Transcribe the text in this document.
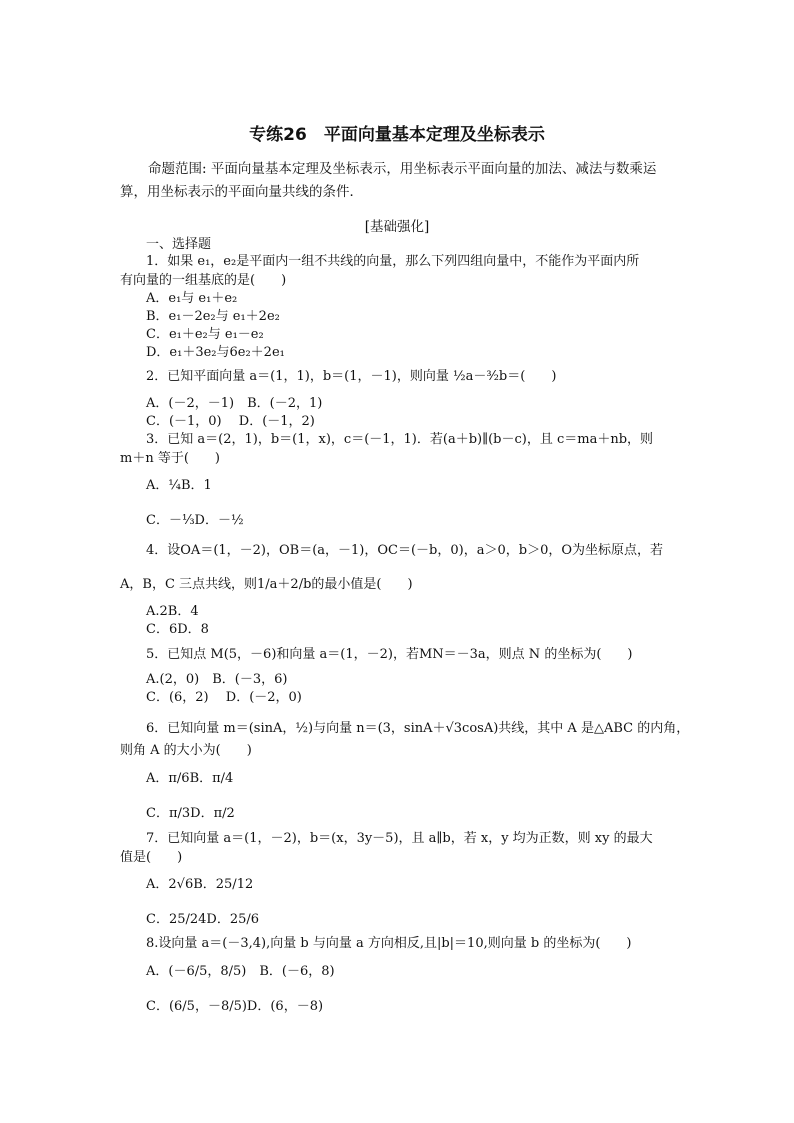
专练26　平面向量基本定理及坐标表示
命题范围: 平面向量基本定理及坐标表示，用坐标表示平面向量的加法、减法与数乘运算，用坐标表示的平面向量共线的条件．
[基础强化]
一、选择题
1．如果 e₁，e₂是平面内一组不共线的向量，那么下列四组向量中，不能作为平面内所
有向量的一组基底的是(　　)
A．e₁与 e₁＋e₂
B．e₁－2e₂与 e₁＋2e₂
C．e₁＋e₂与 e₁－e₂
D．e₁＋3e₂与6e₂＋2e₁
2．已知平面向量 a＝(1，1)，b＝(1，－1)，则向量 ½a－³⁄₂b＝(　　)
A．(－2，－1)　B．(－2，1)
C．(－1，0)　 D．(－1，2)
3．已知 a＝(2，1)，b＝(1，x)，c＝(－1，1)．若(a＋b)∥(b－c)，且 c＝ma＋nb，则
m＋n 等于(　　)
A．¼B．1
C．－⅓D．－½
4．设OA＝(1，－2)，OB＝(a，－1)，OC＝(－b，0)，a＞0，b＞0，O为坐标原点，若
A，B，C 三点共线，则1/a＋2/b的最小值是(　　)
A.2B．4
C．6D．8
5．已知点 M(5，－6)和向量 a＝(1，－2)，若MN＝－3a，则点 N 的坐标为(　　)
A.(2，0)　B．(－3，6)
C．(6，2)　 D．(－2，0)
6．已知向量 m＝(sinA，½)与向量 n＝(3，sinA＋√3cosA)共线，其中 A 是△ABC 的内角，
则角 A 的大小为(　　)
A．π/6B．π/4
C．π/3D．π/2
7．已知向量 a＝(1，－2)，b＝(x，3y－5)，且 a∥b，若 x，y 均为正数，则 xy 的最大
值是(　　)
A．2√6B．25/12
C．25/24D．25/6
8.设向量 a＝(－3,4),向量 b 与向量 a 方向相反,且|b|＝10,则向量 b 的坐标为(　　)
A．(－6/5，8/5)　B．(－6，8)
C．(6/5，－8/5)D．(6，－8)
